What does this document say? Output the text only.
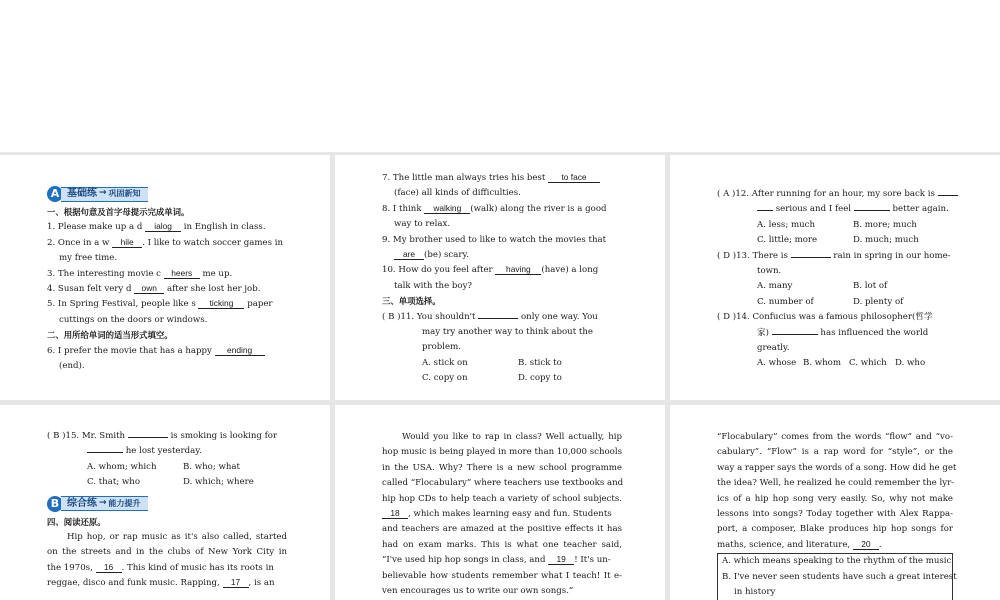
A 基础练 → 巩固新知
一、根据句意及首字母提示完成单词。
1. Please make up a d ialog in English in class.
2. Once in a w hile . I like to watch soccer games in
my free time.
3. The interesting movie c heers me up.
4. Susan felt very d own after she lost her job.
5. In Spring Festival, people like s ticking paper
cuttings on the doors or windows.
二、用所给单词的适当形式填空。
6. I prefer the movie that has a happy ending
(end).
7. The little man always tries his best to face
(face) all kinds of difficulties.
8. I think walking (walk) along the river is a good
way to relax.
9. My brother used to like to watch the movies that
are (be) scary.
10. How do you feel after having (have) a long
talk with the boy?
三、单项选择。
( B )11. You shouldn't	only one way. You
may try another way to think about the
problem.
A. stick on	B. stick to
C. copy on	D. copy to
( A )12. After running for an hour, my sore back is
serious and I feel	better again.
A. less; much	B. more; much
C. little; more	D. much; much
( D )13. There is	rain in spring in our home-
town.
A. many	B. lot of
C. number of	D. plenty of
( D )14. Confucius was a famous philosopher(哲学
家)	has influenced the world
greatly.
A. whose B. whom C. which D. who
( B )15. Mr. Smith	is smoking is looking for
he lost yesterday.
A. whom; which	B. who; what
C. that; who	D. which; where
B 综合练 → 能力提升
四、阅读还原。
Hip hop, or rap music as it's also called, started
on the streets and in the clubs of New York City in
the 1970s, 16 . This kind of music has its roots in
reggae, disco and funk music. Rapping, 17 , is an
Would you like to rap in class? Well actually, hip
hop music is being played in more than 10,000 schools
in the USA. Why? There is a new school programme
called “Flocabulary” where teachers use textbooks and
hip hop CDs to help teach a variety of school subjects.
18 , which makes learning easy and fun. Students
and teachers are amazed at the positive effects it has
had on exam marks. This is what one teacher said,
“I've used hip hop songs in class, and 19 ! It's un-
believable how students remember what I teach! It e-
ven encourages us to write our own songs.”
“Flocabulary” comes from the words “flow” and “vo-
cabulary”. “Flow” is a rap word for “style”, or the
way a rapper says the words of a song. How did he get
the idea? Well, he realized he could remember the lyr-
ics of a hip hop song very easily. So, why not make
lessons into songs? Today together with Alex Rappa-
port, a composer, Blake produces hip hop songs for
maths, science, and literature, 20 .
A. which means speaking to the rhythm of the music
B. I've never seen students have such a great interest
in history
